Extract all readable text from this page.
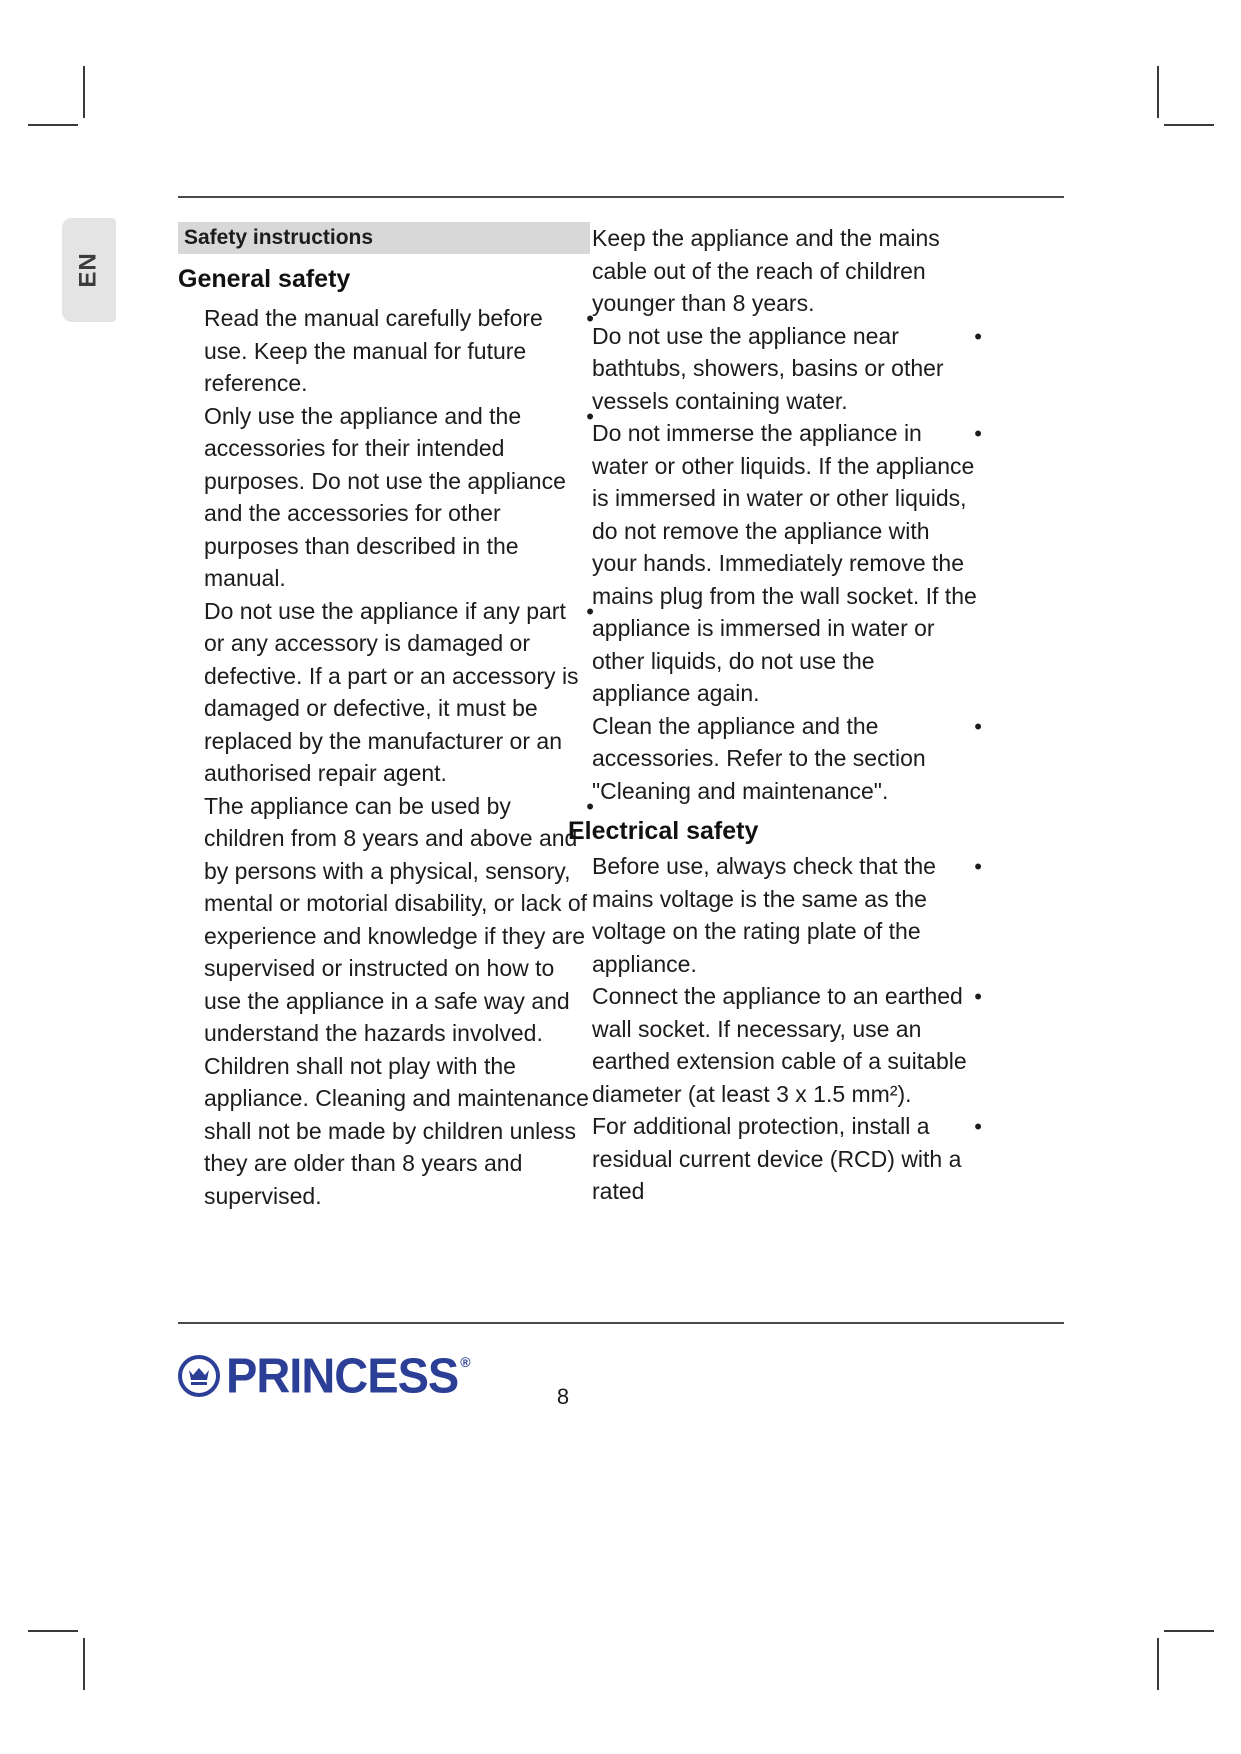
EN
Safety instructions
General safety

•
Read the manual carefully before use. Keep the manual for future reference.

•
Only use the appliance and the accessories for their intended purposes. Do not use the appliance and the accessories for other purposes than described in the manual.

•
Do not use the appliance if any part or any accessory is damaged or defective. If a part or an accessory is damaged or defective, it must be replaced by the manufacturer or an authorised repair agent.

•
The appliance can be used by children from 8 years and above and by persons with a physical, sensory, mental or motorial disability, or lack of experience and knowledge if they are supervised or instructed on how to use the appliance in a safe way and understand the hazards involved. Children shall not play with the appliance. Cleaning and maintenance shall not be made by children unless they are older than 8 years and supervised.

Keep the appliance and the mains cable out of the reach of children younger than 8 years.

•
Do not use the appliance near bathtubs, showers, basins or other vessels containing water.

•
Do not immerse the appliance in water or other liquids. If the appliance is immersed in water or other liquids, do not remove the appliance with your hands. Immediately remove the mains plug from the wall socket. If the appliance is immersed in water or other liquids, do not use the appliance again.

•
Clean the appliance and the accessories. Refer to the section "Cleaning and maintenance".

Electrical safety

•
Before use, always check that the mains voltage is the same as the voltage on the rating plate of the appliance.

•
Connect the appliance to an earthed wall socket. If necessary, use an earthed extension cable of a suitable diameter (at least 3 x 1.5 mm²).

•
For additional protection, install a residual current device (RCD) with a rated

PRINCESS ®
8
